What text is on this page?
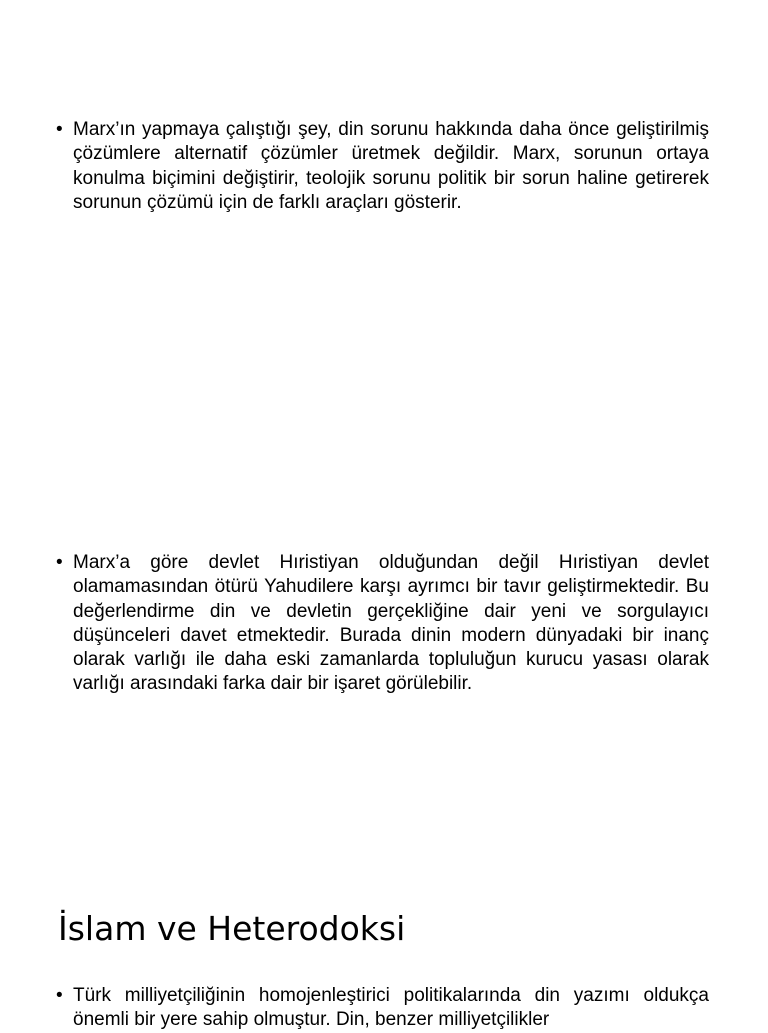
• Marx’ın yapmaya çalıştığı şey, din sorunu hakkında daha önce geliştirilmiş çözümlere alternatif çözümler üretmek değildir. Marx, sorunun ortaya konulma biçimini değiştirir, teolojik sorunu politik bir sorun haline getirerek sorunun çözümü için de farklı araçları gösterir.
• Marx’a göre devlet Hıristiyan olduğundan değil Hıristiyan devlet olamamasından ötürü Yahudilere karşı ayrımcı bir tavır geliştirmektedir. Bu değerlendirme din ve devletin gerçekliğine dair yeni ve sorgulayıcı düşünceleri davet etmektedir. Burada dinin modern dünyadaki bir inanç olarak varlığı ile daha eski zamanlarda topluluğun kurucu yasası olarak varlığı arasındaki farka dair bir işaret görülebilir.
İslam ve Heterodoksi
• Türk milliyetçiliğinin homojenleştirici politikalarında din yazımı oldukça önemli bir yere sahip olmuştur. Din, benzer milliyetçilikler
